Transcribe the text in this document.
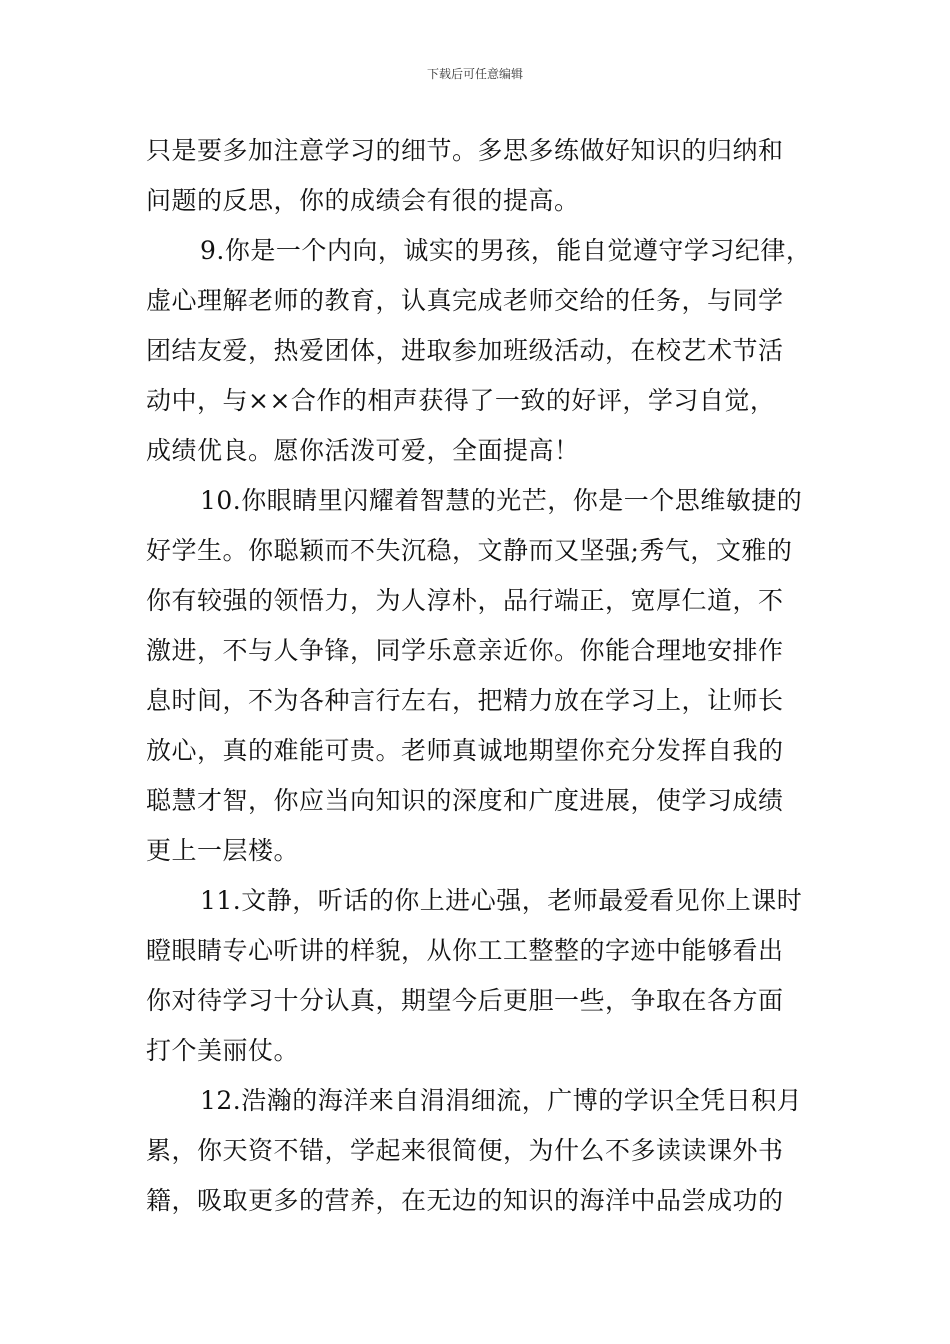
下载后可任意编辑
只是要多加注意学习的细节。多思多练做好知识的归纳和
问题的反思，你的成绩会有很的提高。
9.你是一个内向，诚实的男孩，能自觉遵守学习纪律，
虚心理解老师的教育，认真完成老师交给的任务，与同学
团结友爱，热爱团体，进取参加班级活动，在校艺术节活
动中，与××合作的相声获得了一致的好评，学习自觉，
成绩优良。愿你活泼可爱，全面提高！
10.你眼睛里闪耀着智慧的光芒，你是一个思维敏捷的
好学生。你聪颖而不失沉稳，文静而又坚强;秀气，文雅的
你有较强的领悟力，为人淳朴，品行端正，宽厚仁道，不
激进，不与人争锋，同学乐意亲近你。你能合理地安排作
息时间，不为各种言行左右，把精力放在学习上，让师长
放心，真的难能可贵。老师真诚地期望你充分发挥自我的
聪慧才智，你应当向知识的深度和广度进展，使学习成绩
更上一层楼。
11.文静，听话的你上进心强，老师最爱看见你上课时
瞪眼睛专心听讲的样貌，从你工工整整的字迹中能够看出
你对待学习十分认真，期望今后更胆一些，争取在各方面
打个美丽仗。
12.浩瀚的海洋来自涓涓细流，广博的学识全凭日积月
累，你天资不错，学起来很简便，为什么不多读读课外书
籍，吸取更多的营养，在无边的知识的海洋中品尝成功的
